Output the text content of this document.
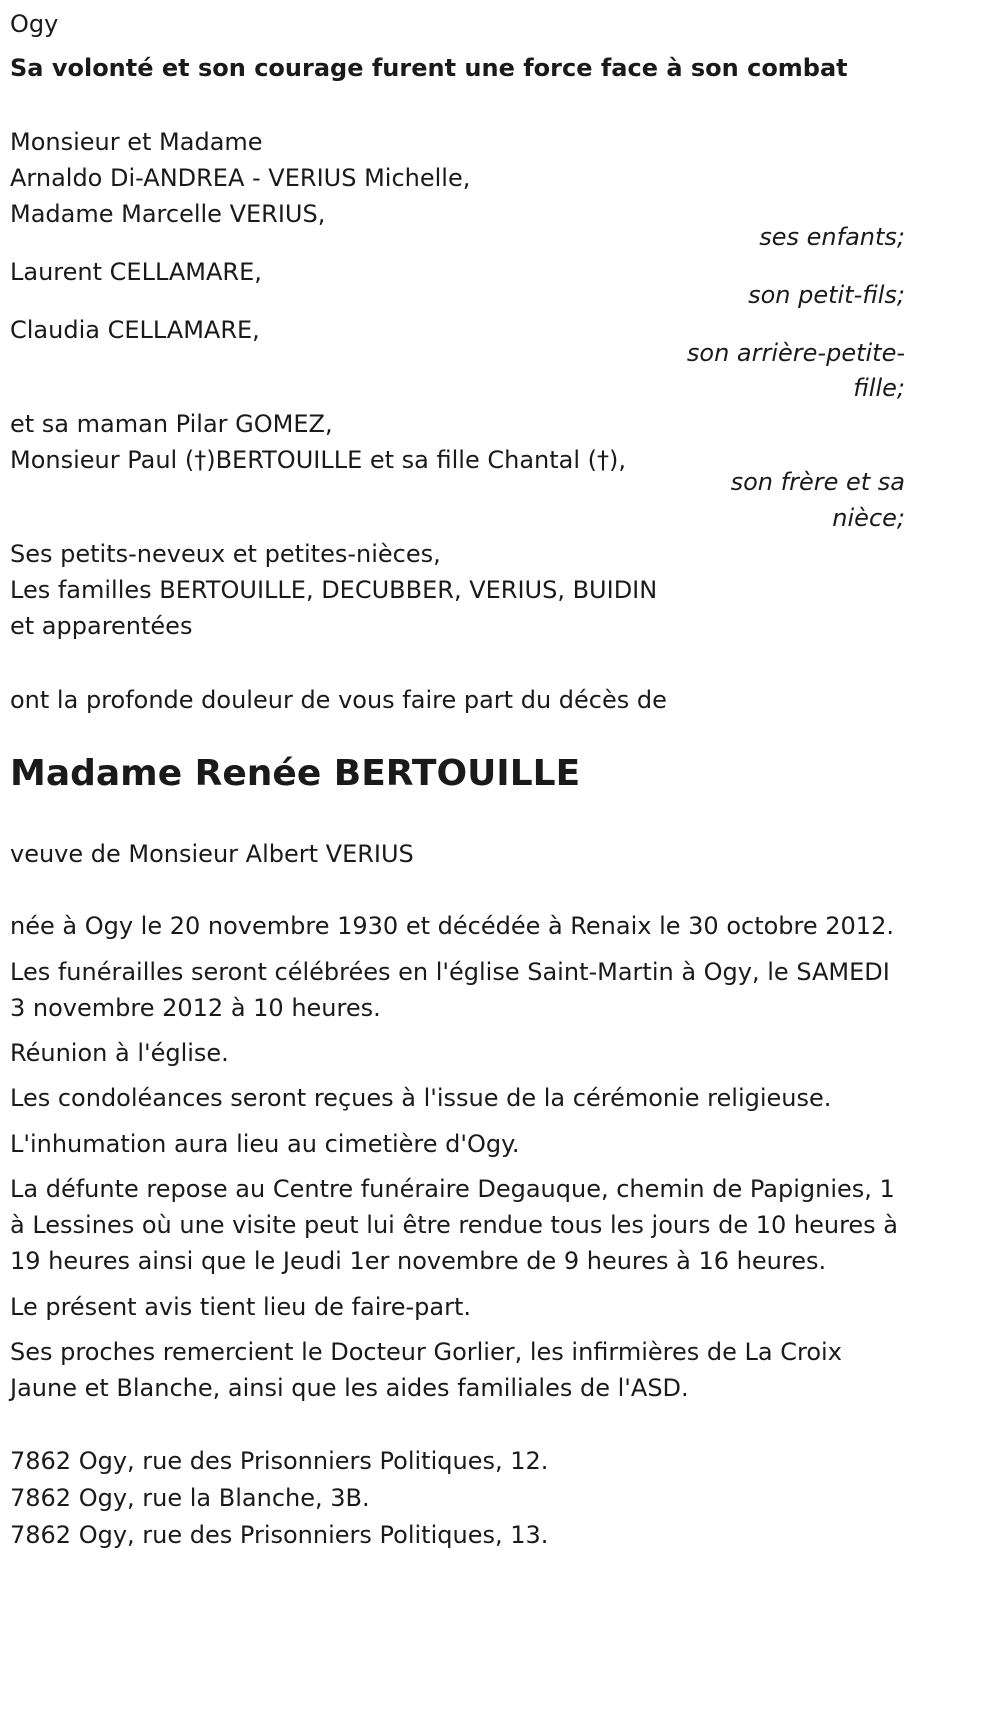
Ogy
Sa volonté et son courage furent une force face à son combat
Monsieur et Madame
Arnaldo Di-ANDREA - VERIUS Michelle,
Madame Marcelle VERIUS,
ses enfants;
Laurent CELLAMARE,
son petit-fils;
Claudia CELLAMARE,
son arrière-petite-
fille;
et sa maman Pilar GOMEZ,
Monsieur Paul (†)BERTOUILLE et sa fille Chantal (†),
son frère et sa
nièce;
Ses petits-neveux et petites-nièces,
Les familles BERTOUILLE, DECUBBER, VERIUS, BUIDIN
et apparentées
ont la profonde douleur de vous faire part du décès de
Madame Renée BERTOUILLE
veuve de Monsieur Albert VERIUS
née à Ogy le 20 novembre 1930 et décédée à Renaix le 30 octobre 2012.
Les funérailles seront célébrées en l'église Saint-Martin à Ogy, le SAMEDI
3 novembre 2012 à 10 heures.
Réunion à l'église.
Les condoléances seront reçues à l'issue de la cérémonie religieuse.
L'inhumation aura lieu au cimetière d'Ogy.
La défunte repose au Centre funéraire Degauque, chemin de Papignies, 1
à Lessines où une visite peut lui être rendue tous les jours de 10 heures à
19 heures ainsi que le Jeudi 1er novembre de 9 heures à 16 heures.
Le présent avis tient lieu de faire-part.
Ses proches remercient le Docteur Gorlier, les infirmières de La Croix
Jaune et Blanche, ainsi que les aides familiales de l'ASD.
7862 Ogy, rue des Prisonniers Politiques, 12.
7862 Ogy, rue la Blanche, 3B.
7862 Ogy, rue des Prisonniers Politiques, 13.
